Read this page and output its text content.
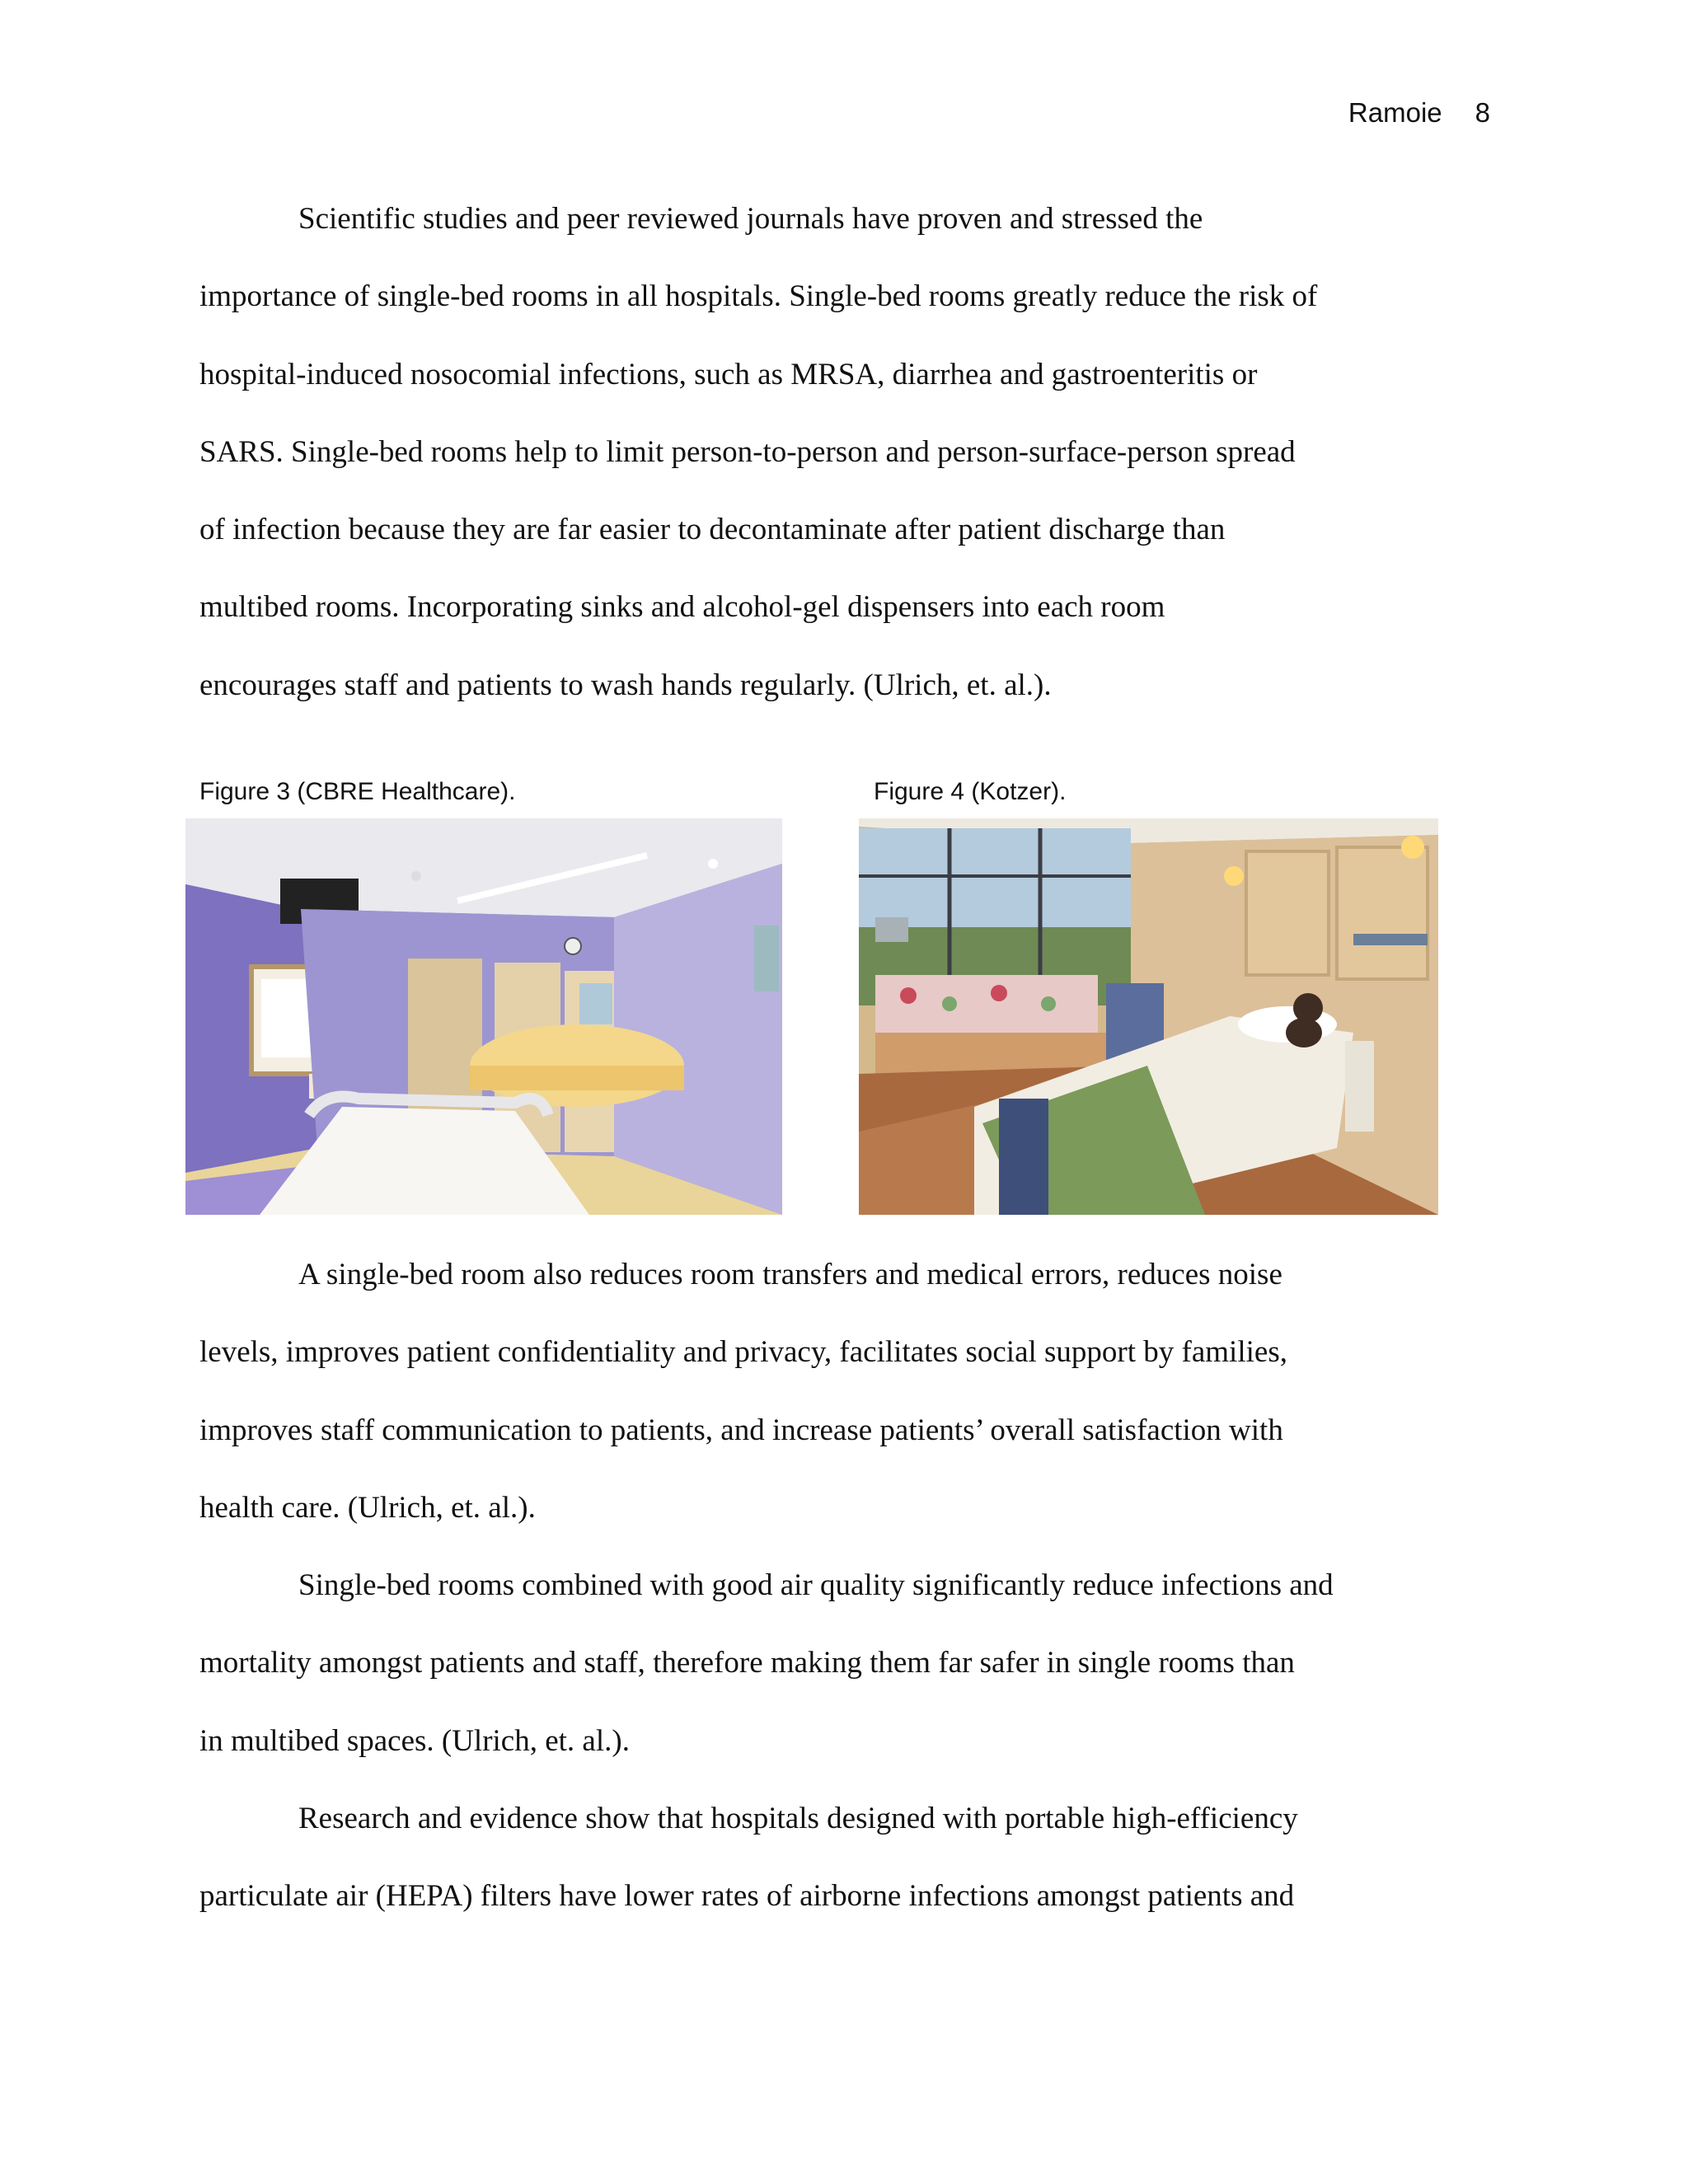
Ramoie 8

Scientific studies and peer reviewed journals have proven and stressed the
importance of single-bed rooms in all hospitals. Single-bed rooms greatly reduce the risk of
hospital-induced nosocomial infections, such as MRSA, diarrhea and gastroenteritis or
SARS. Single-bed rooms help to limit person-to-person and person-surface-person spread
of infection because they are far easier to decontaminate after patient discharge than
multibed rooms. Incorporating sinks and alcohol-gel dispensers into each room
encourages staff and patients to wash hands regularly. (Ulrich, et. al.).

Figure 3 (CBRE Healthcare).	Figure 4 (Kotzer).

A single-bed room also reduces room transfers and medical errors, reduces noise
levels, improves patient confidentiality and privacy, facilitates social support by families,
improves staff communication to patients, and increase patients’ overall satisfaction with
health care. (Ulrich, et. al.).

Single-bed rooms combined with good air quality significantly reduce infections and
mortality amongst patients and staff, therefore making them far safer in single rooms than
in multibed spaces. (Ulrich, et. al.).

Research and evidence show that hospitals designed with portable high-efficiency
particulate air (HEPA) filters have lower rates of airborne infections amongst patients and
